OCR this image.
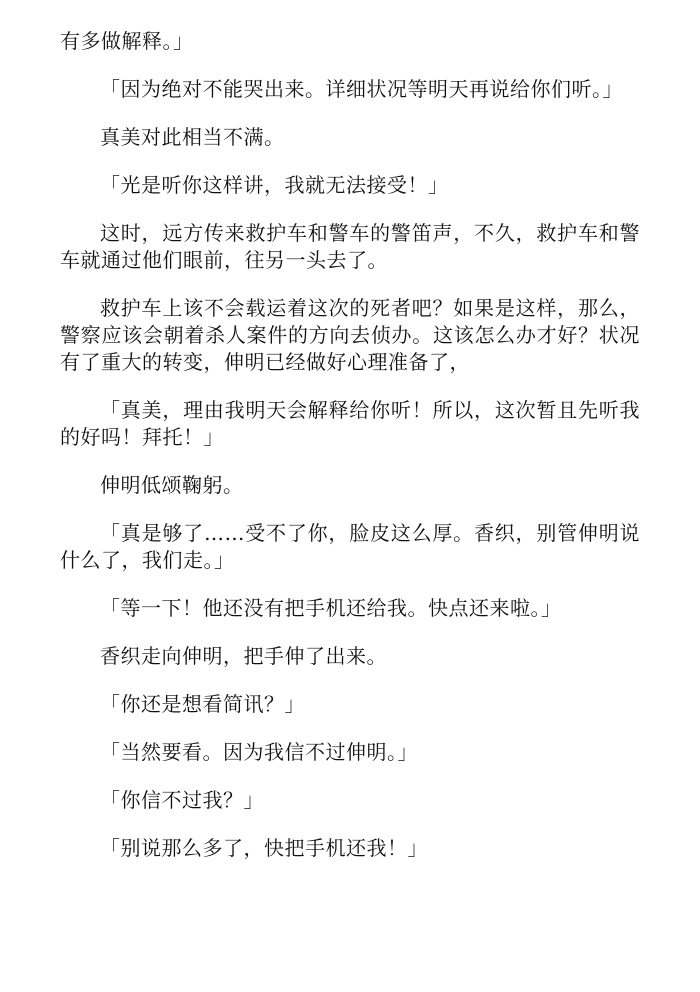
有多做解释。」

「因为绝对不能哭出来。详细状况等明天再说给你们听。」

真美对此相当不满。

「光是听你这样讲，我就无法接受！」

这时，远方传来救护车和警车的警笛声，不久，救护车和警车就通过他们眼前，往另一头去了。

救护车上该不会载运着这次的死者吧？如果是这样，那么，警察应该会朝着杀人案件的方向去侦办。这该怎么办才好？状况有了重大的转变，伸明已经做好心理准备了，

「真美，理由我明天会解释给你听！所以，这次暂且先听我的好吗！拜托！」

伸明低颂鞠躬。

「真是够了……受不了你，脸皮这么厚。香织，别管伸明说什么了，我们走。」

「等一下！他还没有把手机还给我。快点还来啦。」

香织走向伸明，把手伸了出来。

「你还是想看简讯？」

「当然要看。因为我信不过伸明。」

「你信不过我？」

「别说那么多了，快把手机还我！」
